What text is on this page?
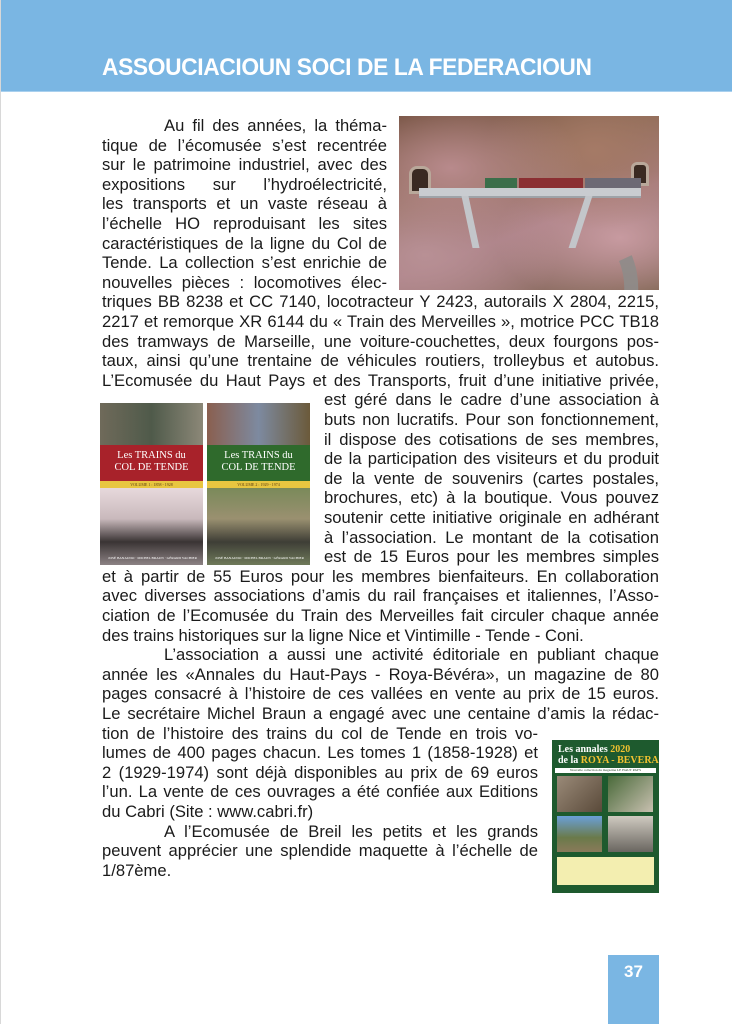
ASSOUCIACIOUN SOCI DE LA FEDERACIOUN
Les TRAINS du
COL DE TENDE
VOLUME 1 : 1858 - 1928
JOSÉ BANAUDO · MICHEL BRAUN · GÉRARD VACHIER
Les TRAINS du
COL DE TENDE
VOLUME 2 : 1929 - 1974
JOSÉ BANAUDO · MICHEL BRAUN · GÉRARD VACHIER
Les annales 2020
de la ROYA - BEVERA
Nouvelle collection du magazine LE HAUT PAYS
Au fil des années, la théma-
tique de l’écomusée s’est recentrée
sur le patrimoine industriel, avec des
expositions sur l’hydroélectricité,
les transports et un vaste réseau à
l’échelle HO reproduisant les sites
caractéristiques de la ligne du Col de
Tende. La collection s’est enrichie de
nouvelles pièces : locomotives élec-
triques BB 8238 et CC 7140, locotracteur Y 2423, autorails X 2804, 2215,
2217 et remorque XR 6144 du « Train des Merveilles », motrice PCC TB18
des tramways de Marseille, une voiture-couchettes, deux fourgons pos-
taux, ainsi qu’une trentaine de véhicules routiers, trolleybus et autobus.
L’Ecomusée du Haut Pays et des Transports, fruit d’une initiative privée,
est géré dans le cadre d’une association à
buts non lucratifs. Pour son fonctionnement,
il dispose des cotisations de ses membres,
de la participation des visiteurs et du produit
de la vente de souvenirs (cartes postales,
brochures, etc) à la boutique. Vous pouvez
soutenir cette initiative originale en adhérant
à l’association. Le montant de la cotisation
est de 15 Euros pour les membres simples
et à partir de 55 Euros pour les membres bienfaiteurs. En collaboration
avec diverses associations d’amis du rail françaises et italiennes, l’Asso-
ciation de l’Ecomusée du Train des Merveilles fait circuler chaque année
des trains historiques sur la ligne Nice et Vintimille - Tende - Coni.
L’association a aussi une activité éditoriale en publiant chaque
année les «Annales du Haut-Pays - Roya-Bévéra», un magazine de 80
pages consacré à l’histoire de ces vallées en vente au prix de 15 euros.
Le secrétaire Michel Braun a engagé avec une centaine d’amis la rédac-
tion de l’histoire des trains du col de Tende en trois vo-
lumes de 400 pages chacun. Les tomes 1 (1858-1928) et
2 (1929-1974) sont déjà disponibles au prix de 69 euros
l’un. La vente de ces ouvrages a été confiée aux Editions
du Cabri (Site : www.cabri.fr)
A l’Ecomusée de Breil les petits et les grands
peuvent apprécier une splendide maquette à l’échelle de
1/87ème.
37
